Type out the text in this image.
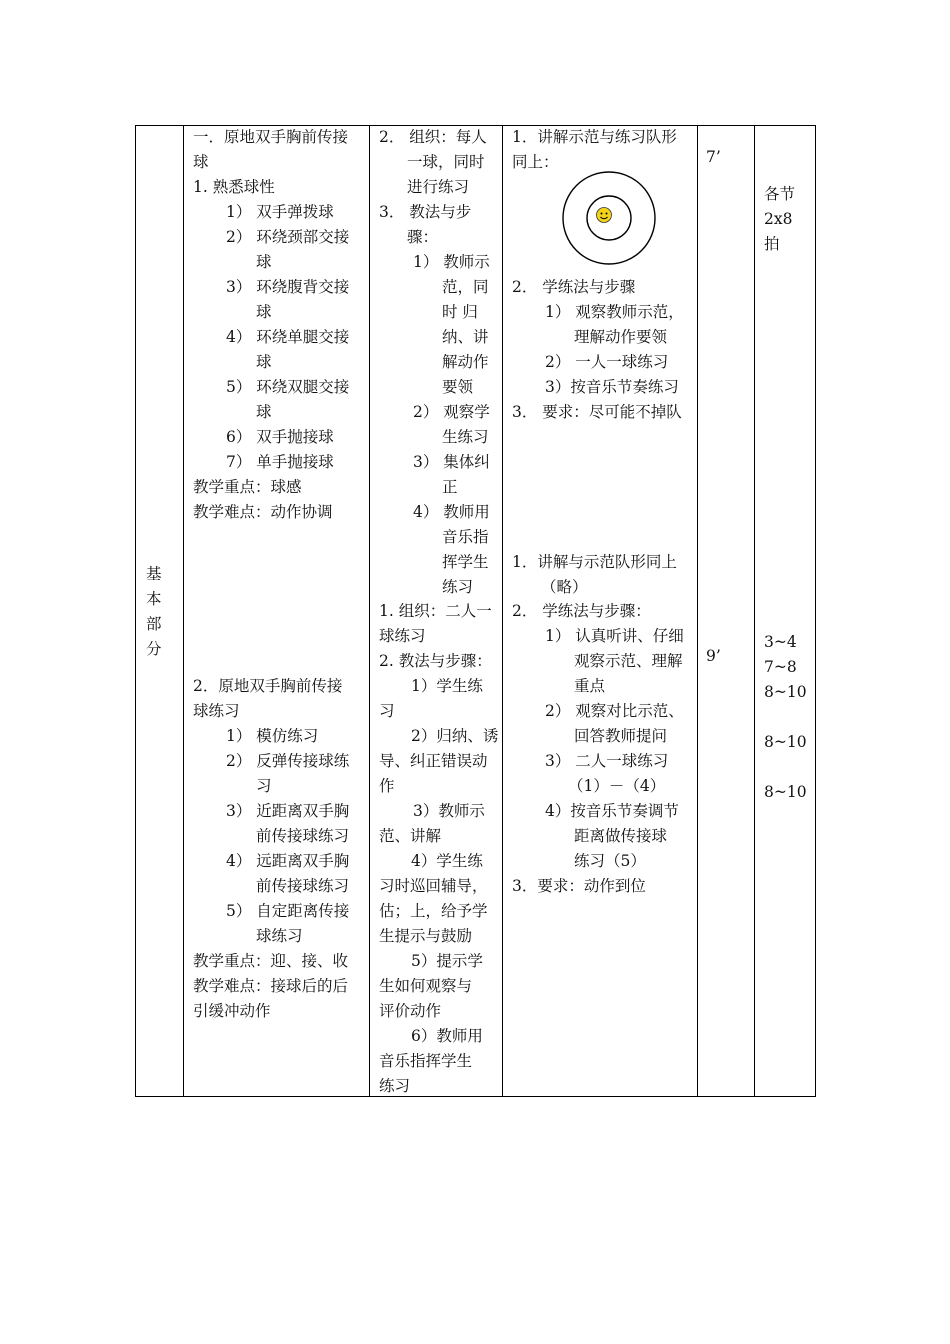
基
本
部
分
一．原地双手胸前传接
球
1. 熟悉球性
1） 双手弹拨球
2） 环绕颈部交接
球
3） 环绕腹背交接
球
4） 环绕单腿交接
球
5） 环绕双腿交接
球
6） 双手抛接球
7） 单手抛接球
教学重点：球感
教学难点：动作协调
2．原地双手胸前传接
球练习
1） 模仿练习
2） 反弹传接球练
习
3） 近距离双手胸
前传接球练习
4） 远距离双手胸
前传接球练习
5） 自定距离传接
球练习
教学重点：迎、接、收
教学难点：接球后的后
引缓冲动作
2． 组织：每人
一球，同时
进行练习
3． 教法与步
骤：
1） 教师示
范，同
时 归
纳、讲
解动作
要领
2） 观察学
生练习
3） 集体纠
正
4） 教师用
音乐指
挥学生
练习
1. 组织：二人一
球练习
2. 教法与步骤：
1）学生练
习
2）归纳、诱
导、纠正错误动
作
3）教师示
范、讲解
4）学生练
习时巡回辅导，
估；上，给予学
生提示与鼓励
5）提示学
生如何观察与
评价动作
6）教师用
音乐指挥学生
练习
1．讲解示范与练习队形
同上：
2． 学练法与步骤
1） 观察教师示范，
理解动作要领
2） 一人一球练习
3）按音乐节奏练习
3． 要求：尽可能不掉队
1．讲解与示范队形同上
（略）
2． 学练法与步骤：
1） 认真听讲、仔细
观察示范、理解
重点
2） 观察对比示范、
回答教师提问
3） 二人一球练习
（1）－（4）
4）按音乐节奏调节
距离做传接球
练习（5）
3．要求：动作到位
7’
9’
各节
2x8
拍
3~4
7~8
8~10
8~10
8~10
